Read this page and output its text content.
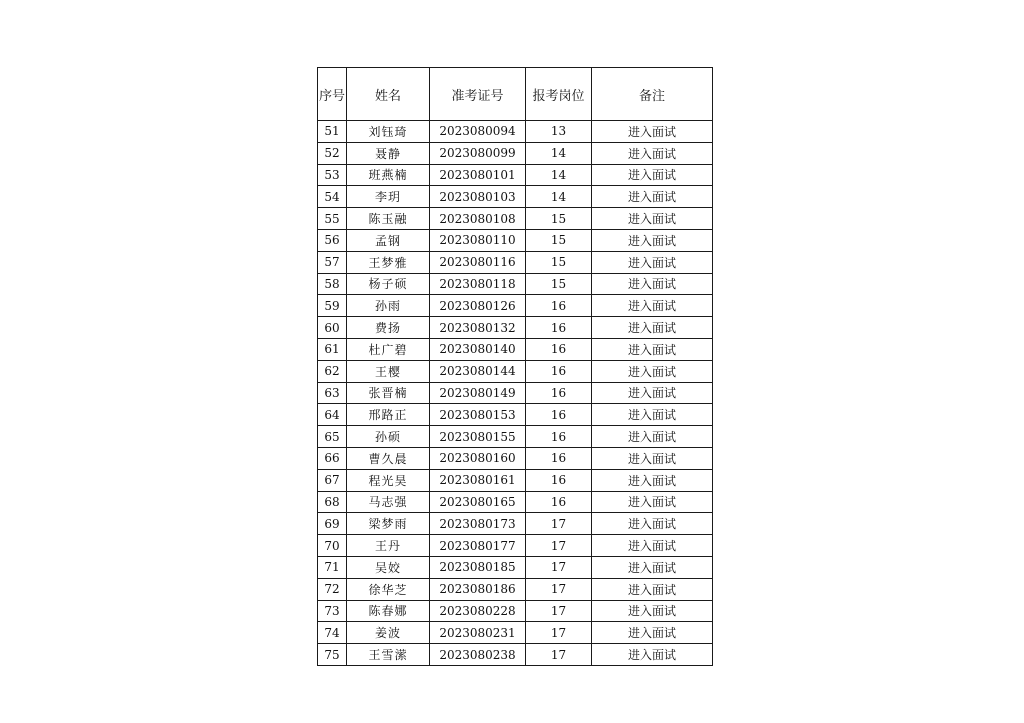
序号	姓名	准考证号	报考岗位	备注
51	刘钰琦	2023080094	13	进入面试
52	聂静	2023080099	14	进入面试
53	班燕楠	2023080101	14	进入面试
54	李玥	2023080103	14	进入面试
55	陈玉融	2023080108	15	进入面试
56	孟钢	2023080110	15	进入面试
57	王梦雅	2023080116	15	进入面试
58	杨子硕	2023080118	15	进入面试
59	孙雨	2023080126	16	进入面试
60	费扬	2023080132	16	进入面试
61	杜广碧	2023080140	16	进入面试
62	王樱	2023080144	16	进入面试
63	张晋楠	2023080149	16	进入面试
64	邢路正	2023080153	16	进入面试
65	孙硕	2023080155	16	进入面试
66	曹久晨	2023080160	16	进入面试
67	程光昊	2023080161	16	进入面试
68	马志强	2023080165	16	进入面试
69	梁梦雨	2023080173	17	进入面试
70	王丹	2023080177	17	进入面试
71	吴姣	2023080185	17	进入面试
72	徐华芝	2023080186	17	进入面试
73	陈春娜	2023080228	17	进入面试
74	姜波	2023080231	17	进入面试
75	王雪潆	2023080238	17	进入面试
